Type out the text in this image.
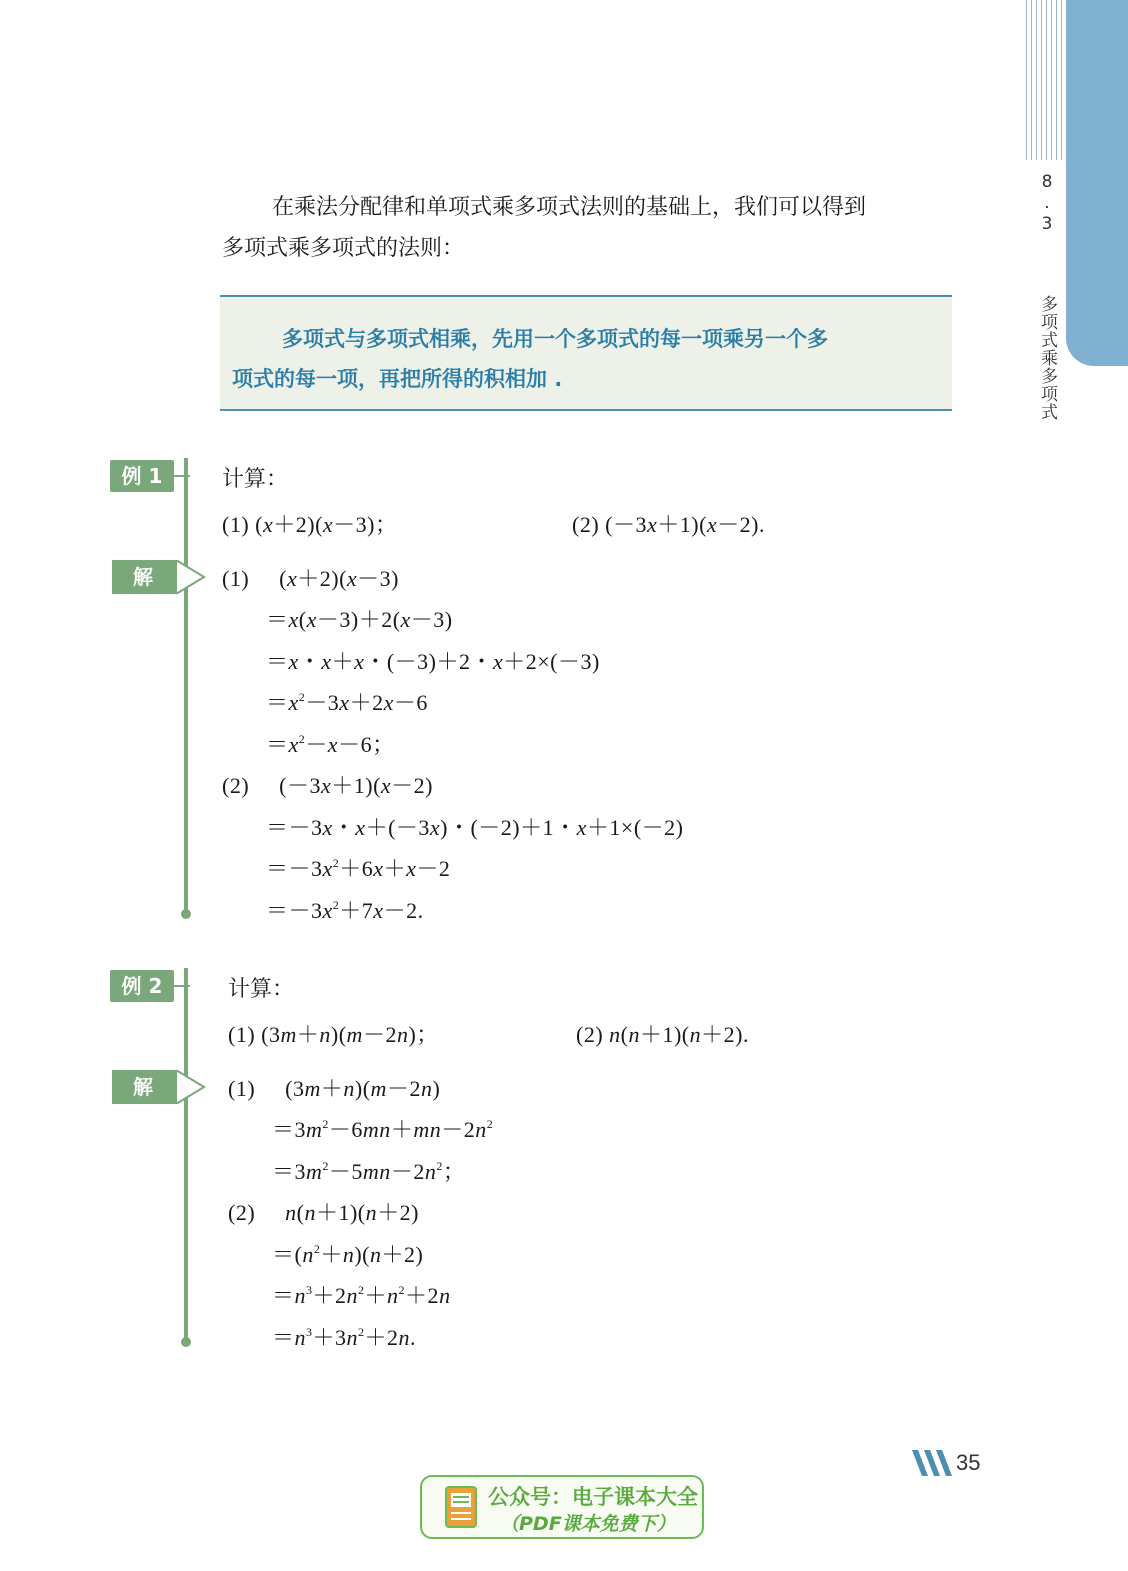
8.3  多项式乘多项式
在乘法分配律和单项式乘多项式法则的基础上，我们可以得到
多项式乘多项式的法则：
多项式与多项式相乘，先用一个多项式的每一项乘另一个多
项式的每一项，再把所得的积相加 .
例 1	计算：
(1) (x＋2)(x－3)；	(2) (－3x＋1)(x－2).
解	(1)     (x＋2)(x－3)
＝x(x－3)＋2(x－3)
＝x・x＋x・(－3)＋2・x＋2×(－3)
$=x^2-3x+2x-6$
$=x^2-x-6$；
(2)     (－3x＋1)(x－2)
＝－3x・x＋(－3x)・(－2)＋1・x＋1×(－2)
$=-3x^2+6x+x-2$
$=-3x^2+7x-2$.
例 2	计算：
(1) (3m＋n)(m－2n)；	(2) n(n＋1)(n＋2).
解	(1)     (3m＋n)(m－2n)
$=3m^2-6mn+mn-2n^2$
$=3m^2-5mn-2n^2$；
(2)     n(n＋1)(n＋2)
$=(n^2+n)(n+2)$
$=n^3+2n^2+n^2+2n$
$=n^3+3n^2+2n$.
35
公众号：电子课本大全
（PDF课本免费下）
